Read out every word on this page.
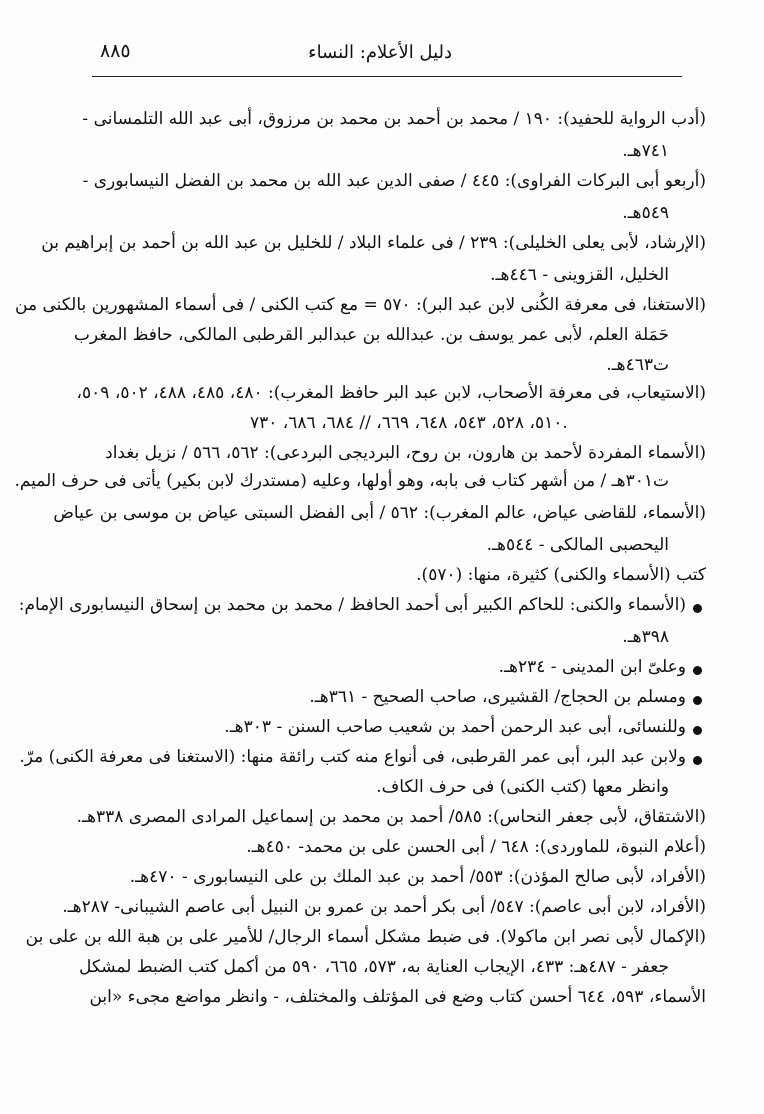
٨٨٥	دليل الأعلام: النساء
(أدب الرواية للحفيد): ١٩٠ / محمد بن أحمد بن محمد بن مرزوق، أبى عبد الله التلمسانى -
٧٤١هـ.
(أربعو أبى البركات الفراوى): ٤٤٥ / صفى الدين عبد الله بن محمد بن الفضل النيسابورى -
٥٤٩هـ.
(الإرشاد، لأبى يعلى الخليلى): ٢٣٩ / فى علماء البلاد / للخليل بن عبد الله بن أحمد بن إبراهيم بن
الخليل، القزوينى - ٤٤٦هـ.
(الاستغنا، فى معرفة الكُنى لابن عبد البر): ٥٧٠ = مع كتب الكنى / فى أسماء المشهورين بالكنى من
حَمَلة العلم، لأبى عمر يوسف بن. عبدالله بن عبدالبر القرطبى المالكى، حافظ المغرب
ت٤٦٣هـ.
(الاستيعاب، فى معرفة الأصحاب، لابن عبد البر حافظ المغرب): ٤٨٠، ٤٨٥، ٤٨٨، ٥٠٢، ٥٠٩،
٥١٠، ٥٢٨، ٥٤٣، ٦٤٨، ٦٦٩، // ٦٨٤، ٦٨٦، ٧٣٠.
(الأسماء المفردة لأحمد بن هارون، بن روح، البرديجى البردعى): ٥٦٢، ٥٦٦ / نزيل بغداد
ت٣٠١هـ / من أشهر كتاب فى بابه، وهو أولها، وعليه (مستدرك لابن بكير) يأتى فى حرف الميم.
(الأسماء، للقاضى عياض، عالم المغرب): ٥٦٢ / أبى الفضل السبتى عياض بن موسى بن عياض
اليحصبى المالكى - ٥٤٤هـ.
كتب (الأسماء والكنى) كثيرة، منها: (٥٧٠).
(الأسماء والكنى: للحاكم الكبير أبى أحمد الحافظ / محمد بن محمد بن إسحاق النيسابورى الإمام:
٣٩٨هـ.
وعلىّ ابن المدينى - ٢٣٤هـ.
ومسلم بن الحجاج/ القشيرى، صاحب الصحيح - ٣٦١هـ.
وللنسائى، أبى عبد الرحمن أحمد بن شعيب صاحب السنن - ٣٠٣هـ.
ولابن عبد البر، أبى عمر القرطبى، فى أنواع منه كتب رائقة منها: (الاستغنا فى معرفة الكنى) مرّ.
وانظر معها (كتب الكنى) فى حرف الكاف.
(الاشتقاق، لأبى جعفر النحاس): ٥٨٥/ أحمد بن محمد بن إسماعيل المرادى المصرى ٣٣٨هـ.
(أعلام النبوة، للماوردى): ٦٤٨ / أبى الحسن على بن محمد- ٤٥٠هـ.
(الأفراد، لأبى صالح المؤذن): ٥٥٣/ أحمد بن عبد الملك بن على النيسابورى - ٤٧٠هـ.
(الأفراد، لابن أبى عاصم): ٥٤٧/ أبى بكر أحمد بن عمرو بن النبيل أبى عاصم الشيبانى- ٢٨٧هـ.
(الإكمال لأبى نصر ابن ماكولا). فى ضبط مشكل أسماء الرجال/ للأمير على بن هبة الله بن على بن
جعفر - ٤٨٧هـ: ٤٣٣، الإيجاب العناية به، ٥٧٣، ٦٦٥، ٥٩٠ من أكمل كتب الضبط لمشكل
الأسماء، ٥٩٣، ٦٤٤ أحسن كتاب وضع فى المؤتلف والمختلف، - وانظر مواضع مجىء «ابن
